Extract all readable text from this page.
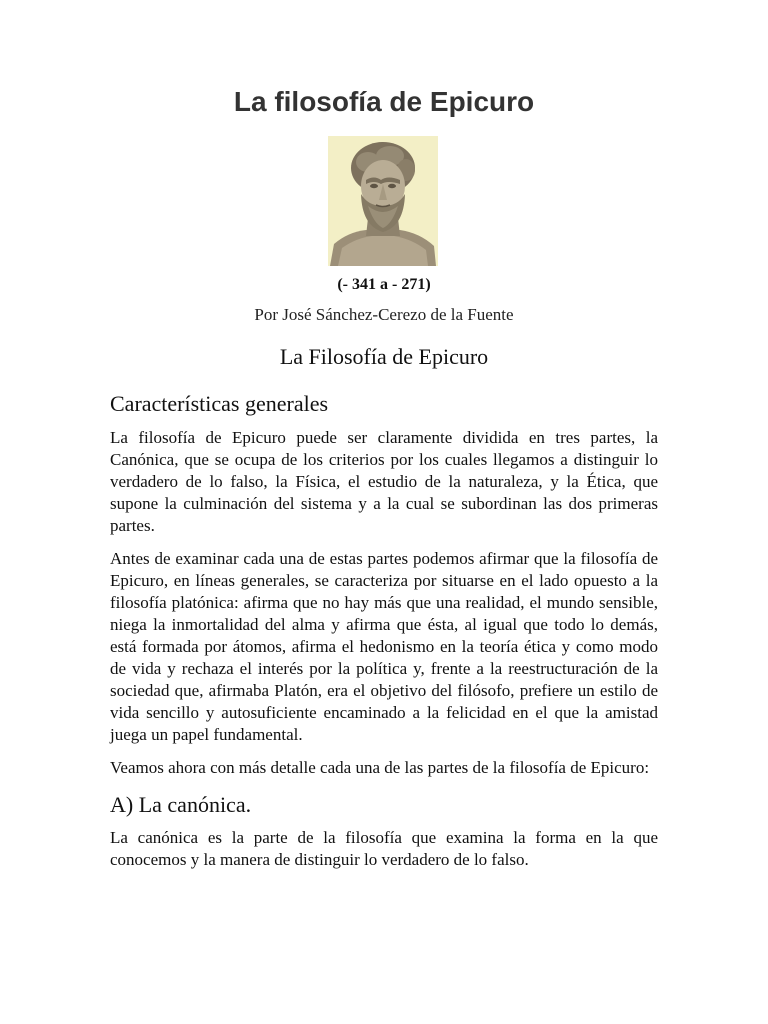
La filosofía de Epicuro
(- 341 a - 271)
Por José Sánchez-Cerezo de la Fuente
La Filosofía de Epicuro
Características generales

La filosofía de Epicuro puede ser claramente dividida en tres partes, la Canónica, que se ocupa de los criterios por los cuales llegamos a distinguir lo verdadero de lo falso, la Física, el estudio de la naturaleza, y la Ética, que supone la culminación del sistema y a la cual se subordinan las dos primeras partes.

Antes de examinar cada una de estas partes podemos afirmar que la filosofía de Epicuro, en líneas generales, se caracteriza por situarse en el lado opuesto a la filosofía platónica: afirma que no hay más que una realidad, el mundo sensible, niega la inmortalidad del alma y afirma que ésta, al igual que todo lo demás, está formada por átomos, afirma el hedonismo en la teoría ética y como modo de vida y rechaza el interés por la política y, frente a la reestructuración de la sociedad que, afirmaba Platón, era el objetivo del filósofo, prefiere un estilo de vida sencillo y autosuficiente encaminado a la felicidad en el que la amistad juega un papel fundamental.

Veamos ahora con más detalle cada una de las partes de la filosofía de Epicuro:

A) La canónica.

La canónica es la parte de la filosofía que examina la forma en la que conocemos y la manera de distinguir lo verdadero de lo falso.
